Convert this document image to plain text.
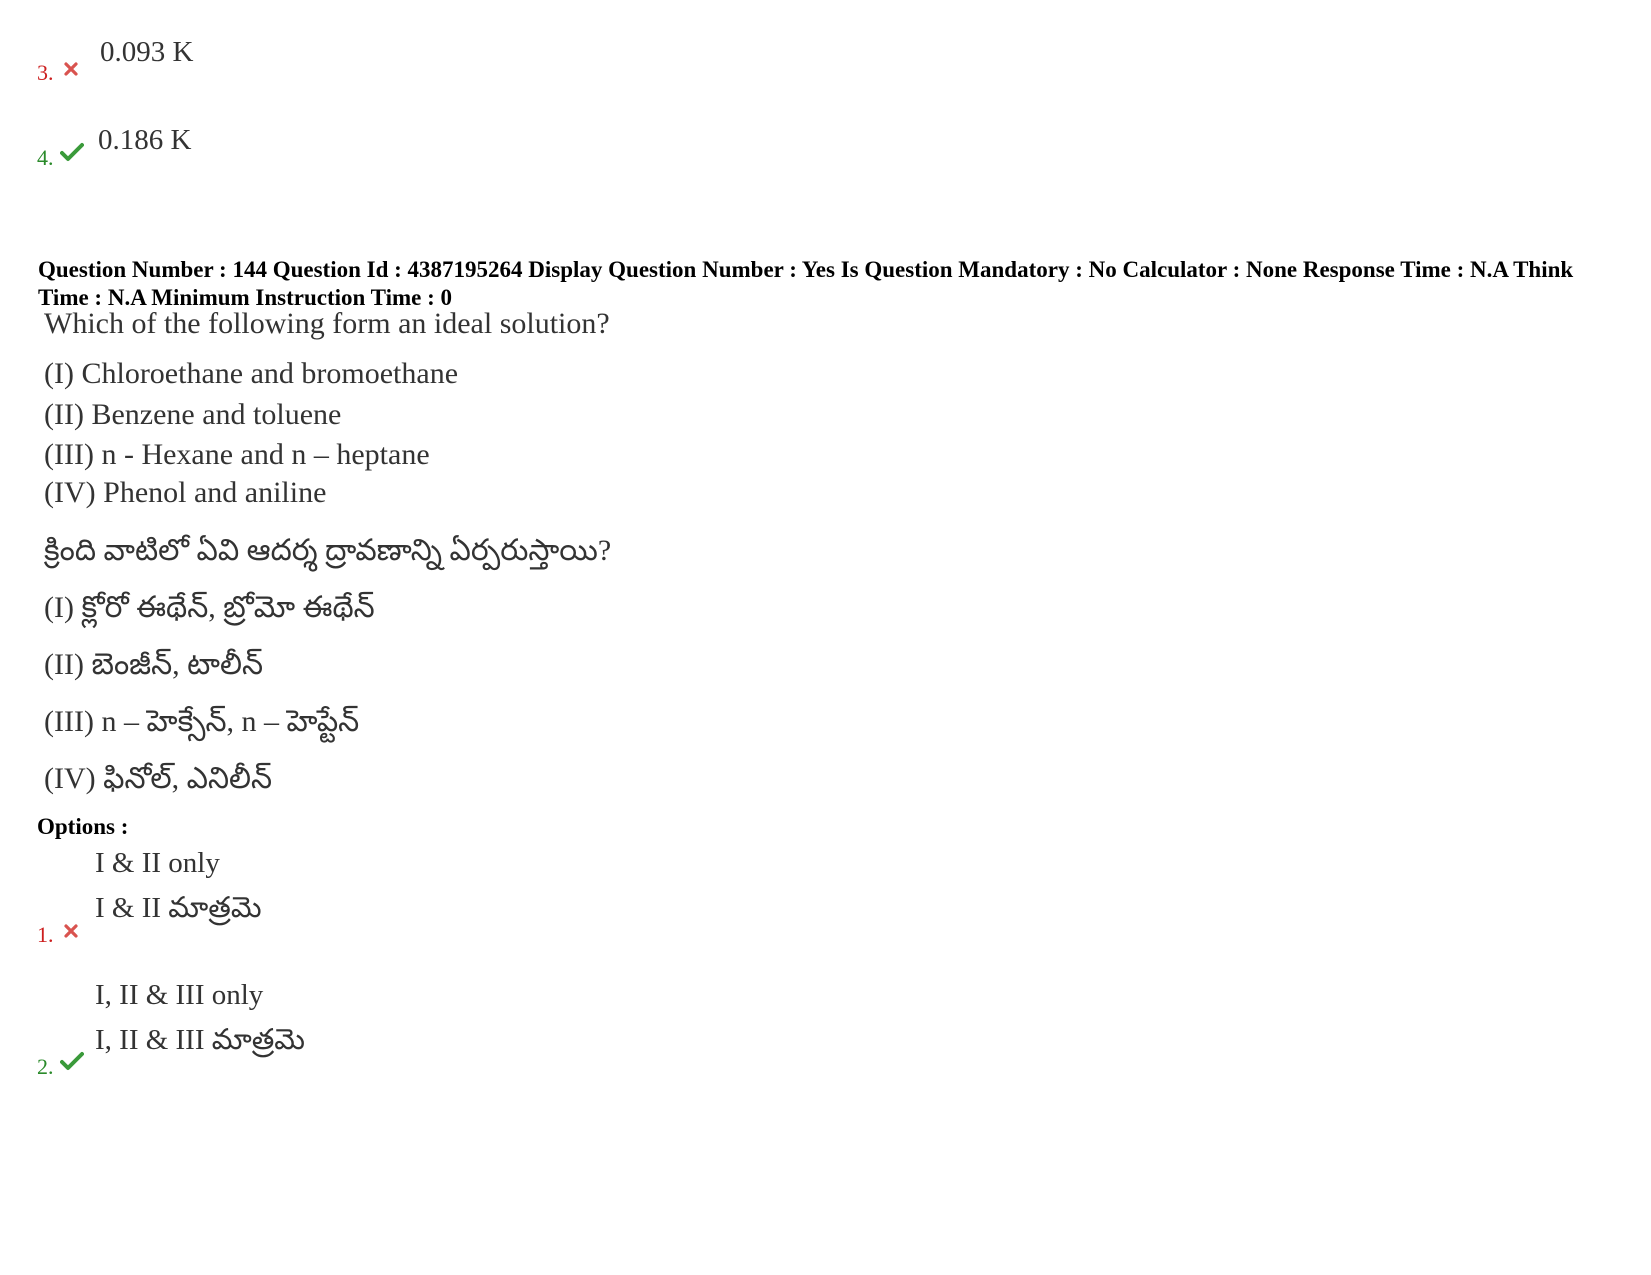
3.
0.093 K
4.
0.186 K
Question Number : 144 Question Id : 4387195264 Display Question Number : Yes Is Question Mandatory : No Calculator : None Response Time : N.A Think Time : N.A Minimum Instruction Time : 0
Which of the following form an ideal solution?
(I) Chloroethane and bromoethane
(II) Benzene and toluene
(III) n - Hexane and n – heptane
(IV) Phenol and aniline
క్రింది వాటిలో ఏవి ఆదర్శ ద్రావణాన్ని ఏర్పరుస్తాయి?
(I) క్లోరో ఈథేన్, బ్రోమో ఈథేన్
(II) బెంజీన్, టాలీన్
(III) n – హెక్సేన్, n – హెప్టేన్
(IV) ఫినోల్, ఎనిలీన్
Options :
I & II only
I & II మాత్రమె
1.
I, II & III only
I, II & III మాత్రమె
2.
